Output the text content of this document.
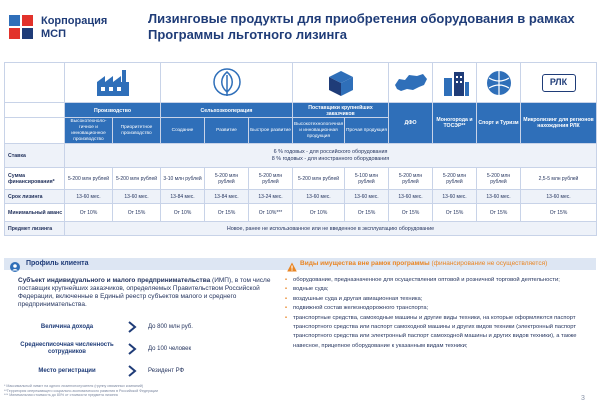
Корпорация
МСП
Лизинговые продукты для приобретения оборудования в рамках Программы льготного лизинга

РЛК

	Производство		Сельхозкооперация			Поставщики крупнейших заказчиков		ДФО	Моногорода и ТОСЭР**	Спорт и Туризм	Микролизинг для регионов нахождения РЛК
	Высокотехноло-гичное и инновационное производство	Приоритетное производство	Создание	Развитие	Быстрое развитие	Высокотехнологичная и инновационная продукция	Прочая продукция				
Ставка	6 % годовых - для российского оборудования
8 % годовых - для иностранного оборудования										

Сумма финансирования*	5-200 млн рублей	5-200 млн рублей	3-10 млн рублей	5-200 млн рублей	5-200 млн рублей	5-200 млн рублей	5-100 млн рублей	5-200 млн рублей	5-200 млн рублей	5-200 млн рублей	2,5-5 млн рублей
Срок лизинга	13-60 мес.	13-60 мес.	13-84 мес.	13-84 мес.	13-24 мес.	13-60 мес.	13-60 мес.	13-60 мес.	13-60 мес.	13-60 мес.	13-60 мес.
Минимальный аванс	От 10%	От 15%	От 10%	От 15%	От 10%***	От 10%	От 15%	От 15%	От 15%	От 15%	От 15%
Предмет лизинга	Новое, ранее не использованное или не введенное в эксплуатацию оборудование										
Профиль клиента
Субъект индивидуального и малого предпринимательства (ИМП), в том числе поставщик крупнейших заказчиков, определяемых Правительством Российской Федерации, включенные в Единый реестр субъектов малого и среднего предпринимательства.
Величина дохода	До 800 млн руб.
Среднесписочная численность сотрудников	До 100 человек
Место регистрации	Резидент РФ
* Максимальный лимит на одного лизингополучателя (группу связанных компаний)
**Территория опережающего социально-экономического развития в Российской Федерации
*** Минимальная стоимость до 80% от стоимости предмета лизинга
Виды имущества вне рамок программы (финансирование не осуществляется)
• оборудование, предназначенное для осуществления оптовой и розничной торговой деятельности;
• водные суда;
• воздушные суда и другая авиационная техника;
• подвижной состав железнодорожного транспорта;
• транспортные средства, самоходные машины и другие виды техники, на которые оформляются паспорт транспортного средства или паспорт самоходной машины и других видов техники (электронный паспорт транспортного средства или электронный паспорт самоходной машины и других видов техники), а также навесное, прицепное оборудование к указанным видам техники;
3
